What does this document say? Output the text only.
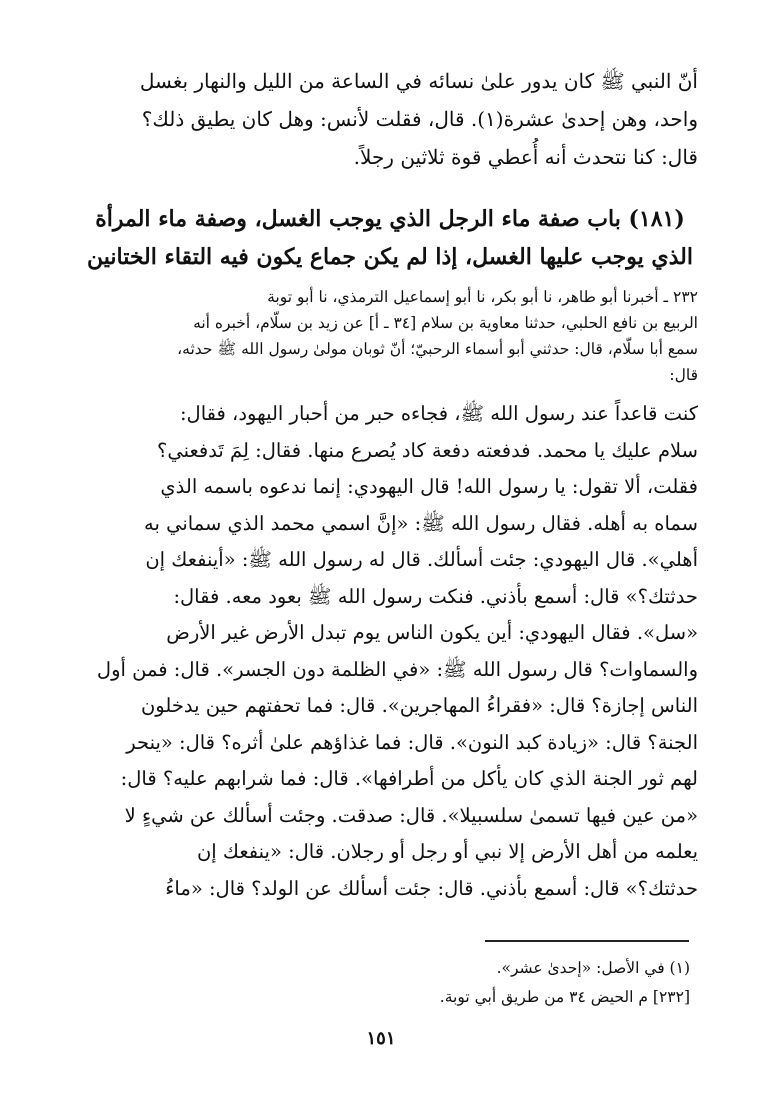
أنّ النبي ﷺ كان يدور علىٰ نسائه في الساعة من الليل والنهار بغسل
واحد، وهن إحدىٰ عشرة(١). قال، فقلت لأنس: وهل كان يطيق ذلك؟
قال: كنا نتحدث أنه أُعطي قوة ثلاثين رجلاً.
(١٨١) باب صفة ماء الرجل الذي يوجب الغسل، وصفة ماء المرأة
الذي يوجب عليها الغسل، إذا لم يكن جماع يكون فيه التقاء الختانين
٢٣٢ ـ أخبرنا أبو طاهر، نا أبو بكر، نا أبو إسماعيل الترمذي، نا أبو توبة
الربيع بن نافع الحلبي، حدثنا معاوية بن سلام [٣٤ ـ أ] عن زيد بن سلّام، أخبره أنه
سمع أبا سلّام، قال: حدثني أبو أسماء الرحبيّ؛ أنّ ثوبان مولىٰ رسول الله ﷺ حدثه،
قال:
كنت قاعداً عند رسول الله ﷺ، فجاءه حبر من أحبار اليهود، فقال:
سلام عليك يا محمد. فدفعته دفعة كاد يُصرع منها. فقال: لِمَ تَدفعني؟
فقلت، ألا تقول: يا رسول الله! قال اليهودي: إنما ندعوه باسمه الذي
سماه به أهله. فقال رسول الله ﷺ: «إنَّ اسمي محمد الذي سماني به
أهلي». قال اليهودي: جئت أسألك. قال له رسول الله ﷺ: «أينفعك إن
حدثتك؟» قال: أسمع بأذني. فنكت رسول الله ﷺ بعود معه. فقال:
«سل». فقال اليهودي: أين يكون الناس يوم تبدل الأرض غير الأرض
والسماوات؟ قال رسول الله ﷺ: «في الظلمة دون الجسر». قال: فمن أول
الناس إجازة؟ قال: «فقراءُ المهاجرين». قال: فما تحفتهم حين يدخلون
الجنة؟ قال: «زيادة كبد النون». قال: فما غذاؤهم علىٰ أثره؟ قال: «ينحر
لهم ثور الجنة الذي كان يأكل من أطرافها». قال: فما شرابهم عليه؟ قال:
«من عين فيها تسمىٰ سلسبيلا». قال: صدقت. وجئت أسألك عن شيءٍ لا
يعلمه من أهل الأرض إلا نبي أو رجل أو رجلان. قال: «ينفعك إن
حدثتك؟» قال: أسمع بأذني. قال: جئت أسألك عن الولد؟ قال: «ماءُ
(١) في الأصل: «إحدىٰ عشر».
[٢٣٢] م الحيض ٣٤ من طريق أبي توبة.
١٥١
